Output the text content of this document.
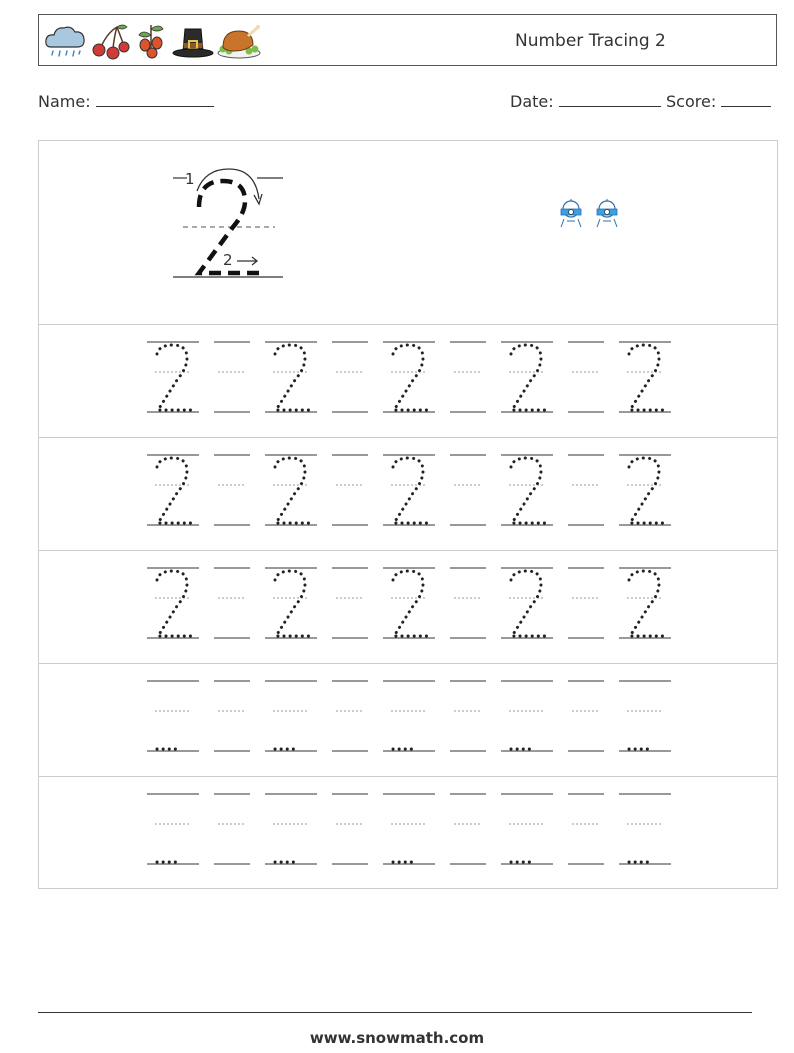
Number Tracing 2
Name:	Date:	Score:
1
2
www.snowmath.com
